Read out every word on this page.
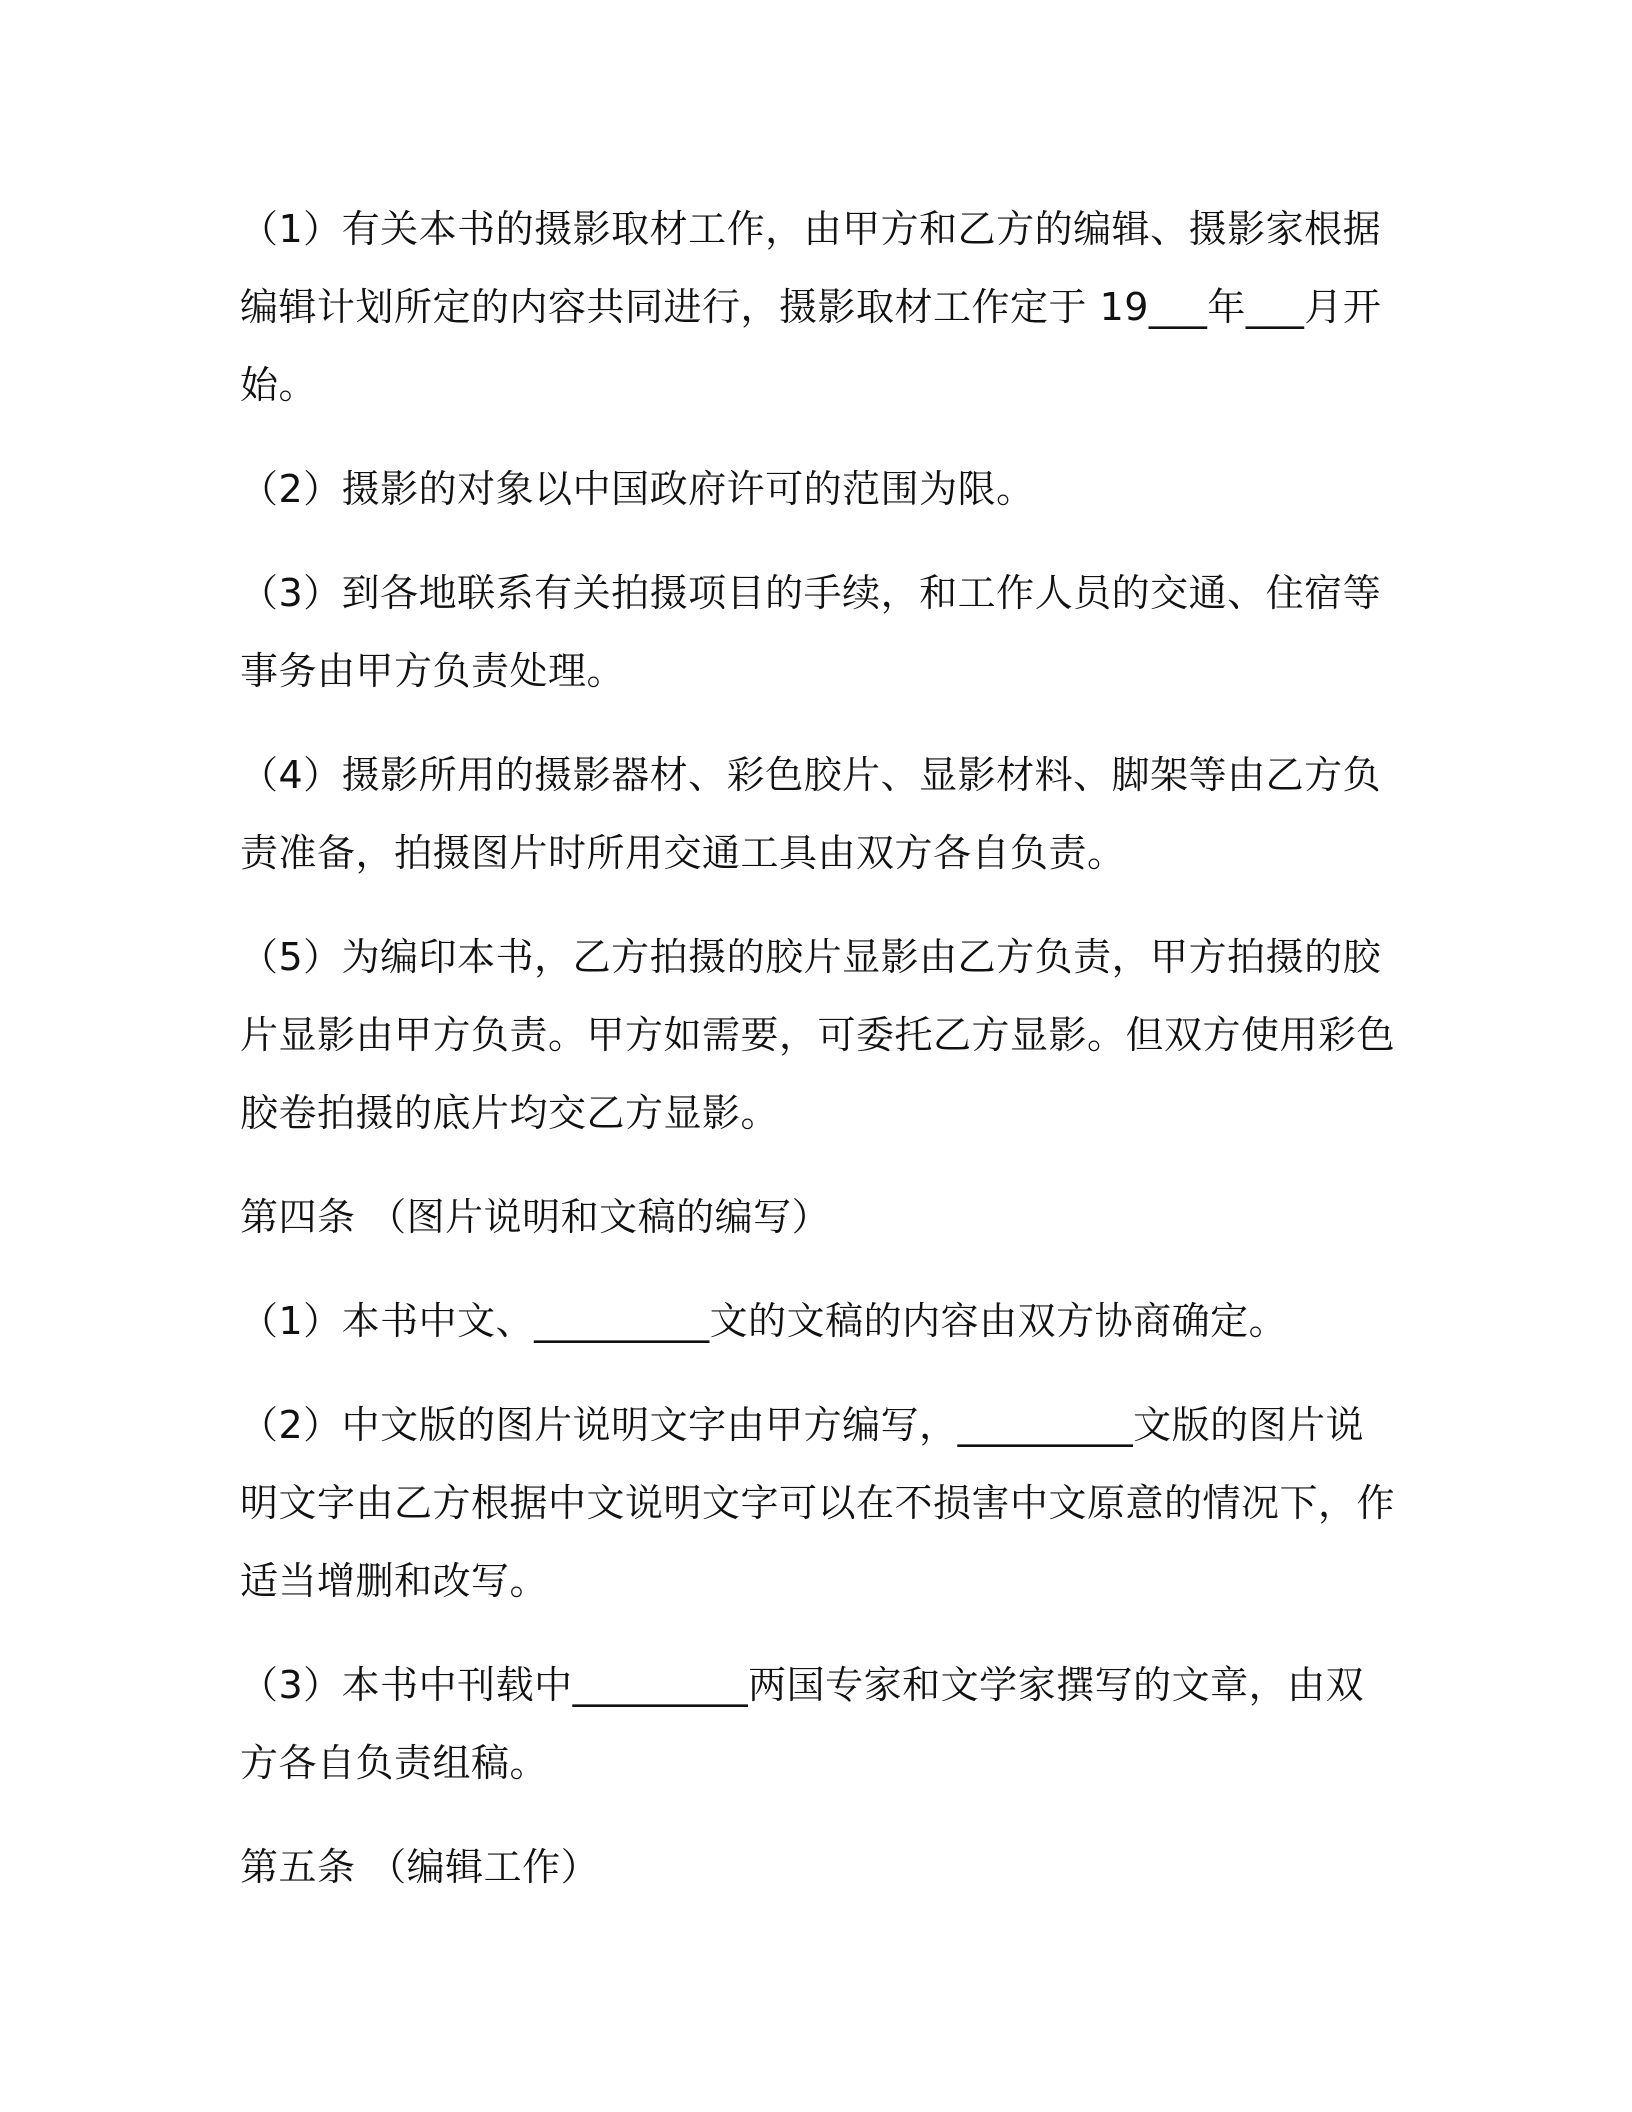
（1）有关本书的摄影取材工作，由甲方和乙方的编辑、摄影家根据编辑计划所定的内容共同进行，摄影取材工作定于 19___年___月开始。

（2）摄影的对象以中国政府许可的范围为限。

（3）到各地联系有关拍摄项目的手续，和工作人员的交通、住宿等事务由甲方负责处理。

（4）摄影所用的摄影器材、彩色胶片、显影材料、脚架等由乙方负责准备，拍摄图片时所用交通工具由双方各自负责。

（5）为编印本书，乙方拍摄的胶片显影由乙方负责，甲方拍摄的胶片显影由甲方负责。甲方如需要，可委托乙方显影。但双方使用彩色胶卷拍摄的底片均交乙方显影。

第四条 （图片说明和文稿的编写）

（1）本书中文、_________文的文稿的内容由双方协商确定。

（2）中文版的图片说明文字由甲方编写，_________文版的图片说明文字由乙方根据中文说明文字可以在不损害中文原意的情况下，作适当增删和改写。

（3）本书中刊载中_________两国专家和文学家撰写的文章，由双方各自负责组稿。

第五条 （编辑工作）
